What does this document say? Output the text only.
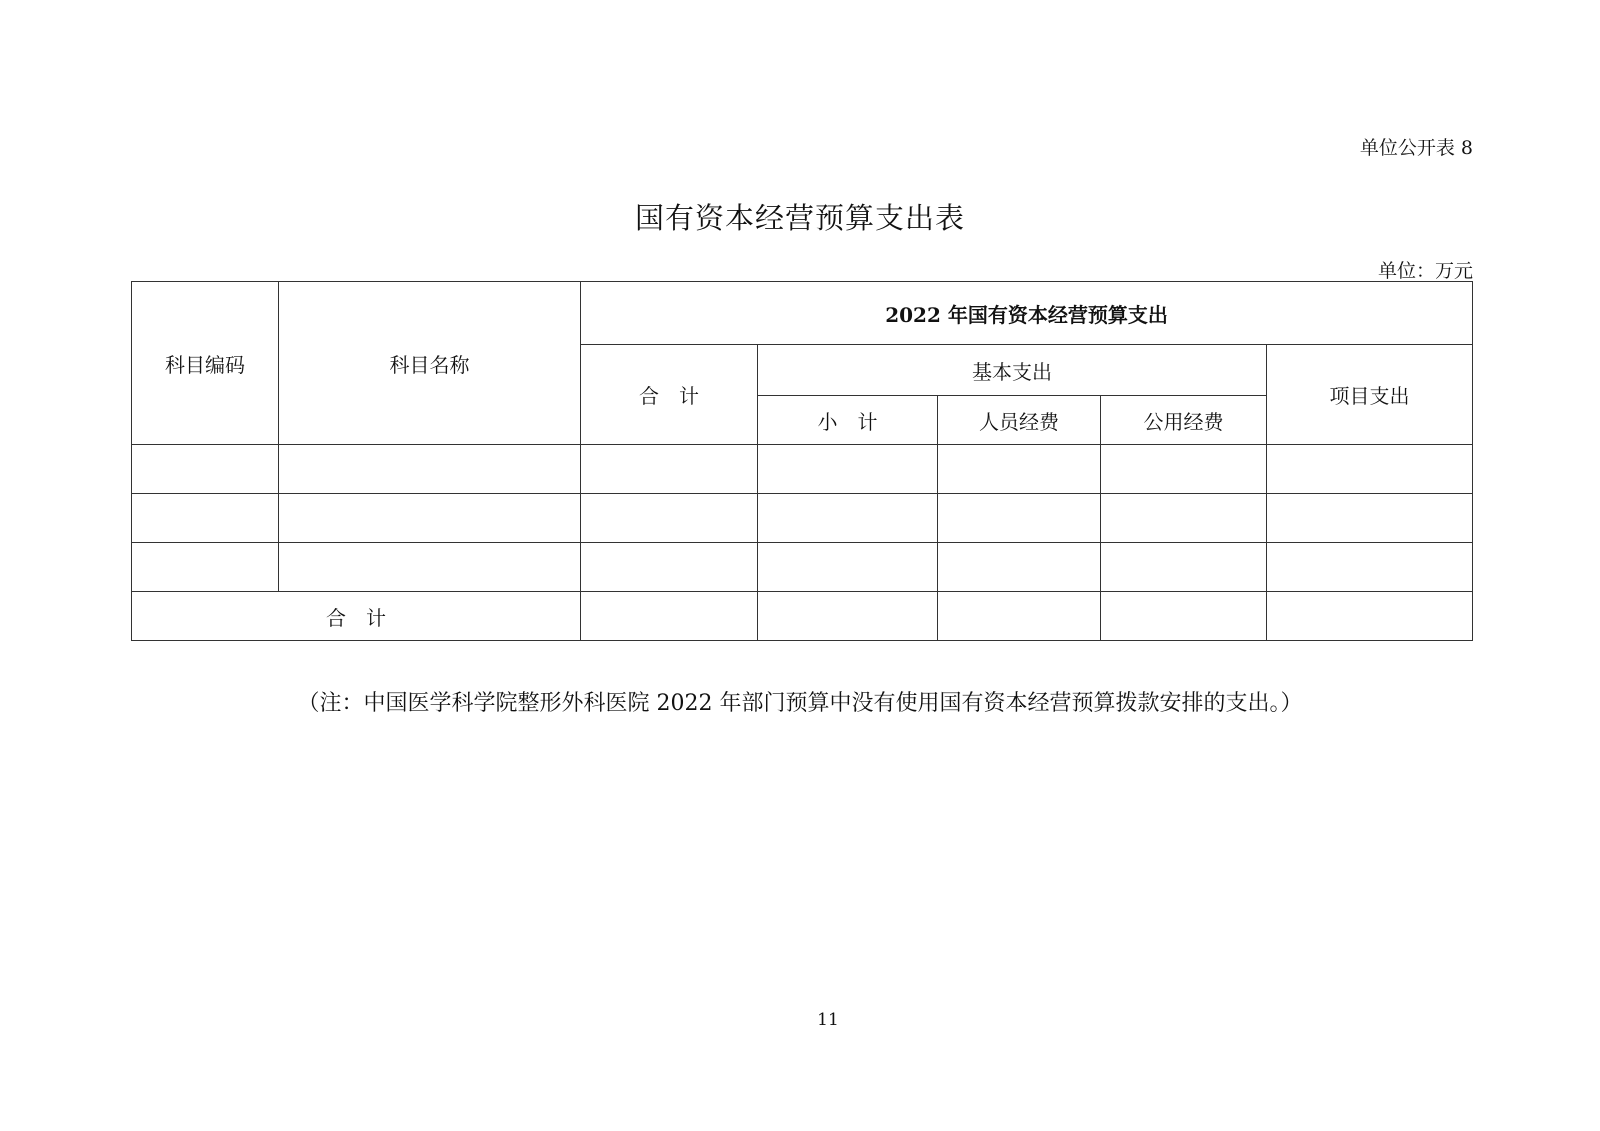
单位公开表 8
国有资本经营预算支出表
单位：万元
科目编码	科目名称	2022 年国有资本经营预算支出				
		合　计	基本支出			项目支出
			小　计	人员经费	公用经费	

合　计						
（注：中国医学科学院整形外科医院 2022 年部门预算中没有使用国有资本经营预算拨款安排的支出。）
11
